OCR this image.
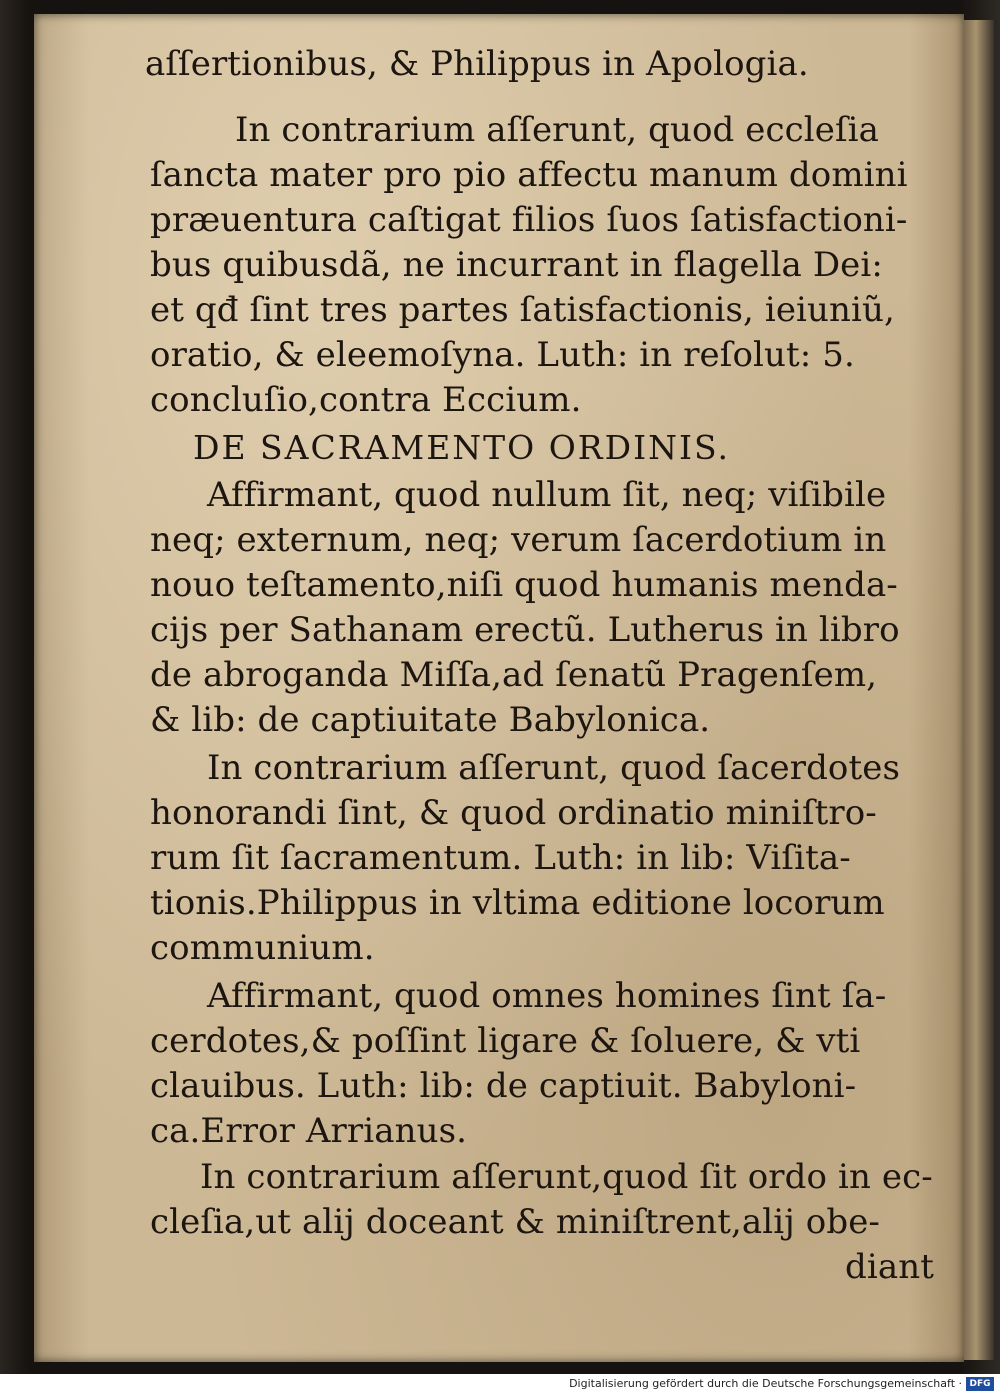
aſſertionibus, & Philippus in Apologia.
In contrarium aſſerunt, quod eccleſia
ſancta mater pro pio affectu manum domini
præuentura caſtigat filios ſuos ſatisfactioni‐
bus quibusdã, ne incurrant in flagella Dei:
et qđ ſint tres partes ſatisfactionis, ieiuniũ,
oratio, & eleemoſyna. Luth: in reſolut: 5.
concluſio,contra Eccium.
DE SACRAMENTO ORDINIS.
Affirmant, quod nullum ſit, neq; viſibile
neq; externum, neq; verum ſacerdotium in
nouo teſtamento,niſi quod humanis menda‐
cijs per Sathanam erectũ. Lutherus in libro
de abroganda Miſſa,ad ſenatũ Pragenſem,
& lib: de captiuitate Babylonica.
In contrarium aſſerunt, quod ſacerdotes
honorandi ſint, & quod ordinatio miniſtro‐
rum ſit ſacramentum. Luth: in lib: Viſita‐
tionis.Philippus in vltima editione locorum
communium.
Affirmant, quod omnes homines ſint ſa‐
cerdotes,& poſſint ligare & ſoluere, & vti
clauibus. Luth: lib: de captiuit. Babyloni‐
ca.Error Arrianus.
In contrarium aſſerunt,quod ſit ordo in ec‐
cleſia,ut alij doceant & miniſtrent,alij obe‐
diant
Digitalisierung gefördert durch die Deutsche Forschungsgemeinschaft · DFG
